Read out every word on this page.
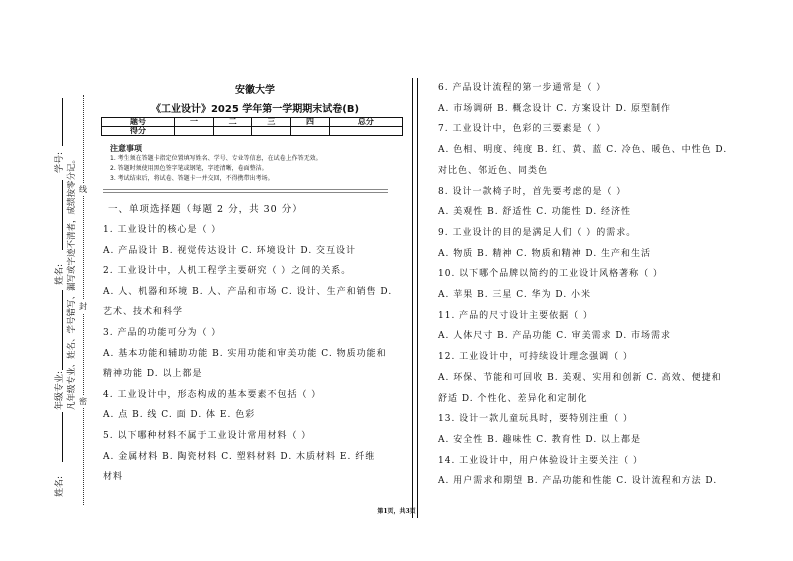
学号:
姓名:
年级专业:
姓名:
凡年级专业、姓名、学号错写、漏写或字迹不清者，成绩按零分记。 密
封
线
安徽大学
《工业设计》2025 学年第一学期期末试卷(B)
题号	一	二	三	四	总分
得分					
注意事项
1. 考生须在答题卡指定位置填写姓名、学号、专业等信息，在试卷上作答无效。
2. 答题时须使用黑色签字笔或钢笔，字迹清晰，卷面整洁。
3. 考试结束后，将试卷、答题卡一并交回，不得携带出考场。
一、单项选择题（每题 2 分，共 30 分）
1. 工业设计的核心是（ ）
A. 产品设计 B. 视觉传达设计 C. 环境设计 D. 交互设计
2. 工业设计中，人机工程学主要研究（ ）之间的关系。
A. 人、机器和环境 B. 人、产品和市场 C. 设计、生产和销售 D.
艺术、技术和科学
3. 产品的功能可分为（ ）
A. 基本功能和辅助功能 B. 实用功能和审美功能 C. 物质功能和
精神功能 D. 以上都是
4. 工业设计中，形态构成的基本要素不包括（ ）
A. 点 B. 线 C. 面 D. 体 E. 色彩
5. 以下哪种材料不属于工业设计常用材料（ ）
A. 金属材料 B. 陶瓷材料 C. 塑料材料 D. 木质材料 E. 纤维
材料
6. 产品设计流程的第一步通常是（ ）
A. 市场调研 B. 概念设计 C. 方案设计 D. 原型制作
7. 工业设计中，色彩的三要素是（ ）
A. 色相、明度、纯度 B. 红、黄、蓝 C. 冷色、暖色、中性色 D.
对比色、邻近色、同类色
8. 设计一款椅子时，首先要考虑的是（ ）
A. 美观性 B. 舒适性 C. 功能性 D. 经济性
9. 工业设计的目的是满足人们（ ）的需求。
A. 物质 B. 精神 C. 物质和精神 D. 生产和生活
10. 以下哪个品牌以简约的工业设计风格著称（ ）
A. 苹果 B. 三星 C. 华为 D. 小米
11. 产品的尺寸设计主要依据（ ）
A. 人体尺寸 B. 产品功能 C. 审美需求 D. 市场需求
12. 工业设计中，可持续设计理念强调（ ）
A. 环保、节能和可回收 B. 美观、实用和创新 C. 高效、便捷和
舒适 D. 个性化、差异化和定制化
13. 设计一款儿童玩具时，要特别注重（ ）
A. 安全性 B. 趣味性 C. 教育性 D. 以上都是
14. 工业设计中，用户体验设计主要关注（ ）
A. 用户需求和期望 B. 产品功能和性能 C. 设计流程和方法 D.
第1页，共3页
